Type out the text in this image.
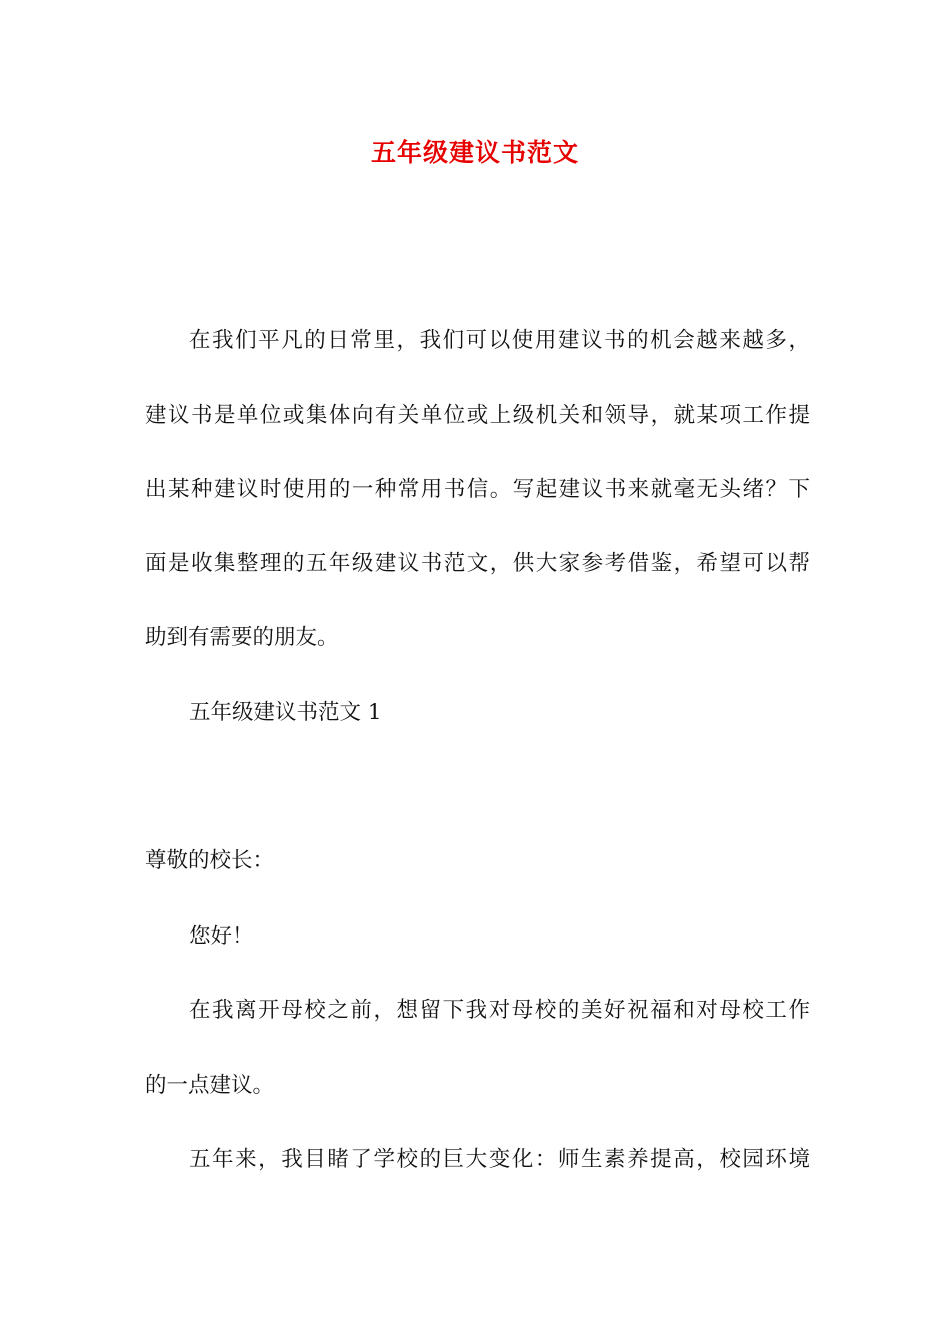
五年级建议书范文
在我们平凡的日常里，我们可以使用建议书的机会越来越多，
建议书是单位或集体向有关单位或上级机关和领导，就某项工作提
出某种建议时使用的一种常用书信。写起建议书来就毫无头绪？下
面是收集整理的五年级建议书范文，供大家参考借鉴，希望可以帮
助到有需要的朋友。
五年级建议书范文 1
尊敬的校长：
您好！
在我离开母校之前，想留下我对母校的美好祝福和对母校工作
的一点建议。
五年来，我目睹了学校的巨大变化：师生素养提高，校园环境
